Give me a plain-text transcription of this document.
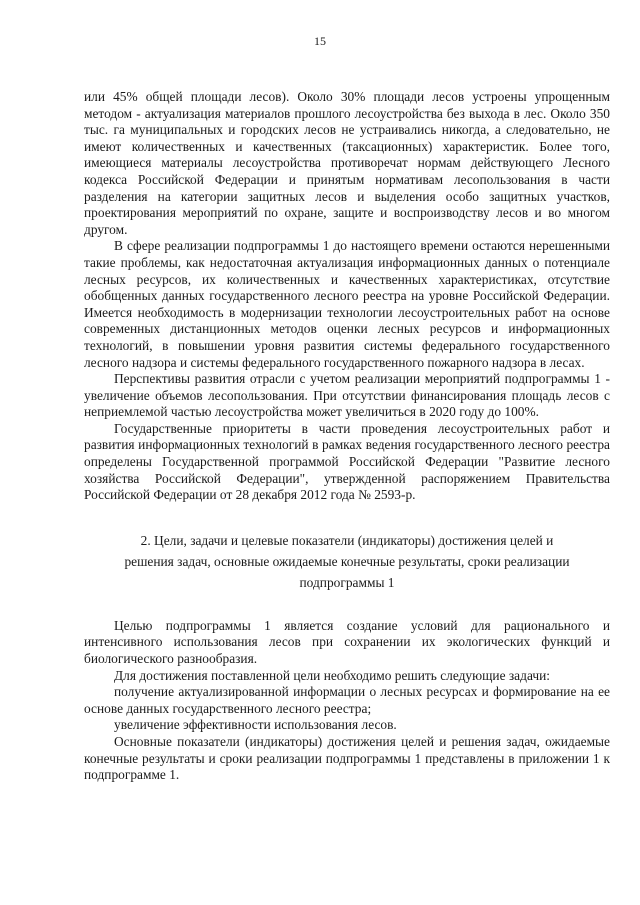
15

или 45% общей площади лесов). Около 30% площади лесов устроены упрощенным методом - актуализация материалов прошлого лесоустройства без выхода в лес. Около 350 тыс. га муниципальных и городских лесов не устраивались никогда, а следовательно, не имеют количественных и качественных (таксационных) характеристик. Более того, имеющиеся материалы лесоустройства противоречат нормам действующего Лесного кодекса Российской Федерации и принятым нормативам лесопользования в части разделения на категории защитных лесов и выделения особо защитных участков, проектирования мероприятий по охране, защите и воспроизводству лесов и во многом другом.

В сфере реализации подпрограммы 1 до настоящего времени остаются нерешенными такие проблемы, как недостаточная актуализация информационных данных о потенциале лесных ресурсов, их количественных и качественных характеристиках, отсутствие обобщенных данных государственного лесного реестра на уровне Российской Федерации. Имеется необходимость в модернизации технологии лесоустроительных работ на основе современных дистанционных методов оценки лесных ресурсов и информационных технологий, в повышении уровня развития системы федерального государственного лесного надзора и системы федерального государственного пожарного надзора в лесах.

Перспективы развития отрасли с учетом реализации мероприятий подпрограммы 1 - увеличение объемов лесопользования. При отсутствии финансирования площадь лесов с неприемлемой частью лесоустройства может увеличиться в 2020 году до 100%.

Государственные приоритеты в части проведения лесоустроительных работ и развития информационных технологий в рамках ведения государственного лесного реестра определены Государственной программой Российской Федерации "Развитие лесного хозяйства Российской Федерации", утвержденной распоряжением Правительства Российской Федерации от 28 декабря 2012 года № 2593-р.

2. Цели, задачи и целевые показатели (индикаторы) достижения целей и решения задач, основные ожидаемые конечные результаты, сроки реализации подпрограммы 1

Целью подпрограммы 1 является создание условий для рационального и интенсивного использования лесов при сохранении их экологических функций и биологического разнообразия.

Для достижения поставленной цели необходимо решить следующие задачи:

получение актуализированной информации о лесных ресурсах и формирование на ее основе данных государственного лесного реестра;

увеличение эффективности использования лесов.

Основные показатели (индикаторы) достижения целей и решения задач, ожидаемые конечные результаты и сроки реализации подпрограммы 1 представлены в приложении 1 к подпрограмме 1.
